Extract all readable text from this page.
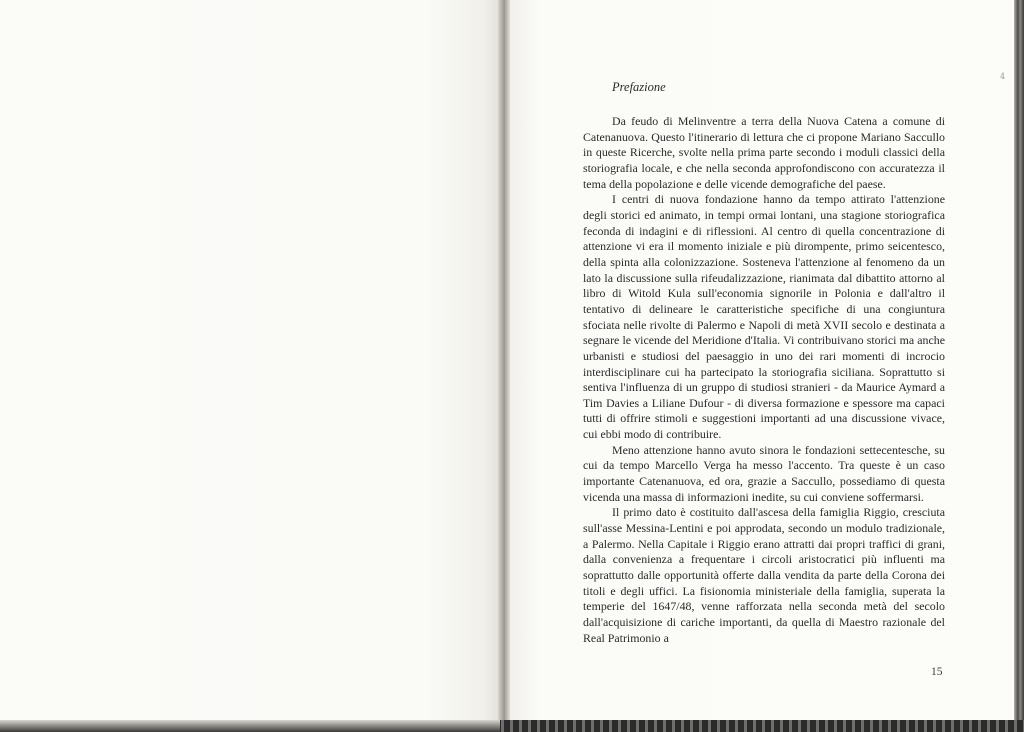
4
Prefazione

Da feudo di Melinventre a terra della Nuova Catena a comune di Catenanuova. Questo l'itinerario di lettura che ci propone Mariano Saccullo in queste Ricerche, svolte nella prima parte secondo i moduli classici della storiografia locale, e che nella seconda approfondiscono con accuratezza il tema della popolazione e delle vicende demografiche del paese.

I centri di nuova fondazione hanno da tempo attirato l'attenzione degli storici ed animato, in tempi ormai lontani, una stagione storiografica feconda di indagini e di riflessioni. Al centro di quella concentrazione di attenzione vi era il momento iniziale e più dirompente, primo seicentesco, della spinta alla colonizzazione. Sosteneva l'attenzione al fenomeno da un lato la discussione sulla rifeudalizzazione, rianimata dal dibattito attorno al libro di Witold Kula sull'economia signorile in Polonia e dall'altro il tentativo di delineare le caratteristiche specifiche di una congiuntura sfociata nelle rivolte di Palermo e Napoli di metà XVII secolo e destinata a segnare le vicende del Meridione d'Italia. Vi contribuivano storici ma anche urbanisti e studiosi del paesaggio in uno dei rari momenti di incrocio interdisciplinare cui ha partecipato la storiografia siciliana. Soprattutto si sentiva l'influenza di un gruppo di studiosi stranieri - da Maurice Aymard a Tim Davies a Liliane Dufour - di diversa formazione e spessore ma capaci tutti di offrire stimoli e suggestioni importanti ad una discussione vivace, cui ebbi modo di contribuire.

Meno attenzione hanno avuto sinora le fondazioni settecentesche, su cui da tempo Marcello Verga ha messo l'accento. Tra queste è un caso importante Catenanuova, ed ora, grazie a Saccullo, possediamo di questa vicenda una massa di informazioni inedite, su cui conviene soffermarsi.

Il primo dato è costituito dall'ascesa della famiglia Riggio, cresciuta sull'asse Messina-Lentini e poi approdata, secondo un modulo tradizionale, a Palermo. Nella Capitale i Riggio erano attratti dai propri traffici di grani, dalla convenienza a frequentare i circoli aristocratici più influenti ma soprattutto dalle opportunità offerte dalla vendita da parte della Corona dei titoli e degli uffici. La fisionomia ministeriale della famiglia, superata la temperie del 1647/48, venne rafforzata nella seconda metà del secolo dall'acquisizione di cariche importanti, da quella di Maestro razionale del Real Patrimonio a

15
